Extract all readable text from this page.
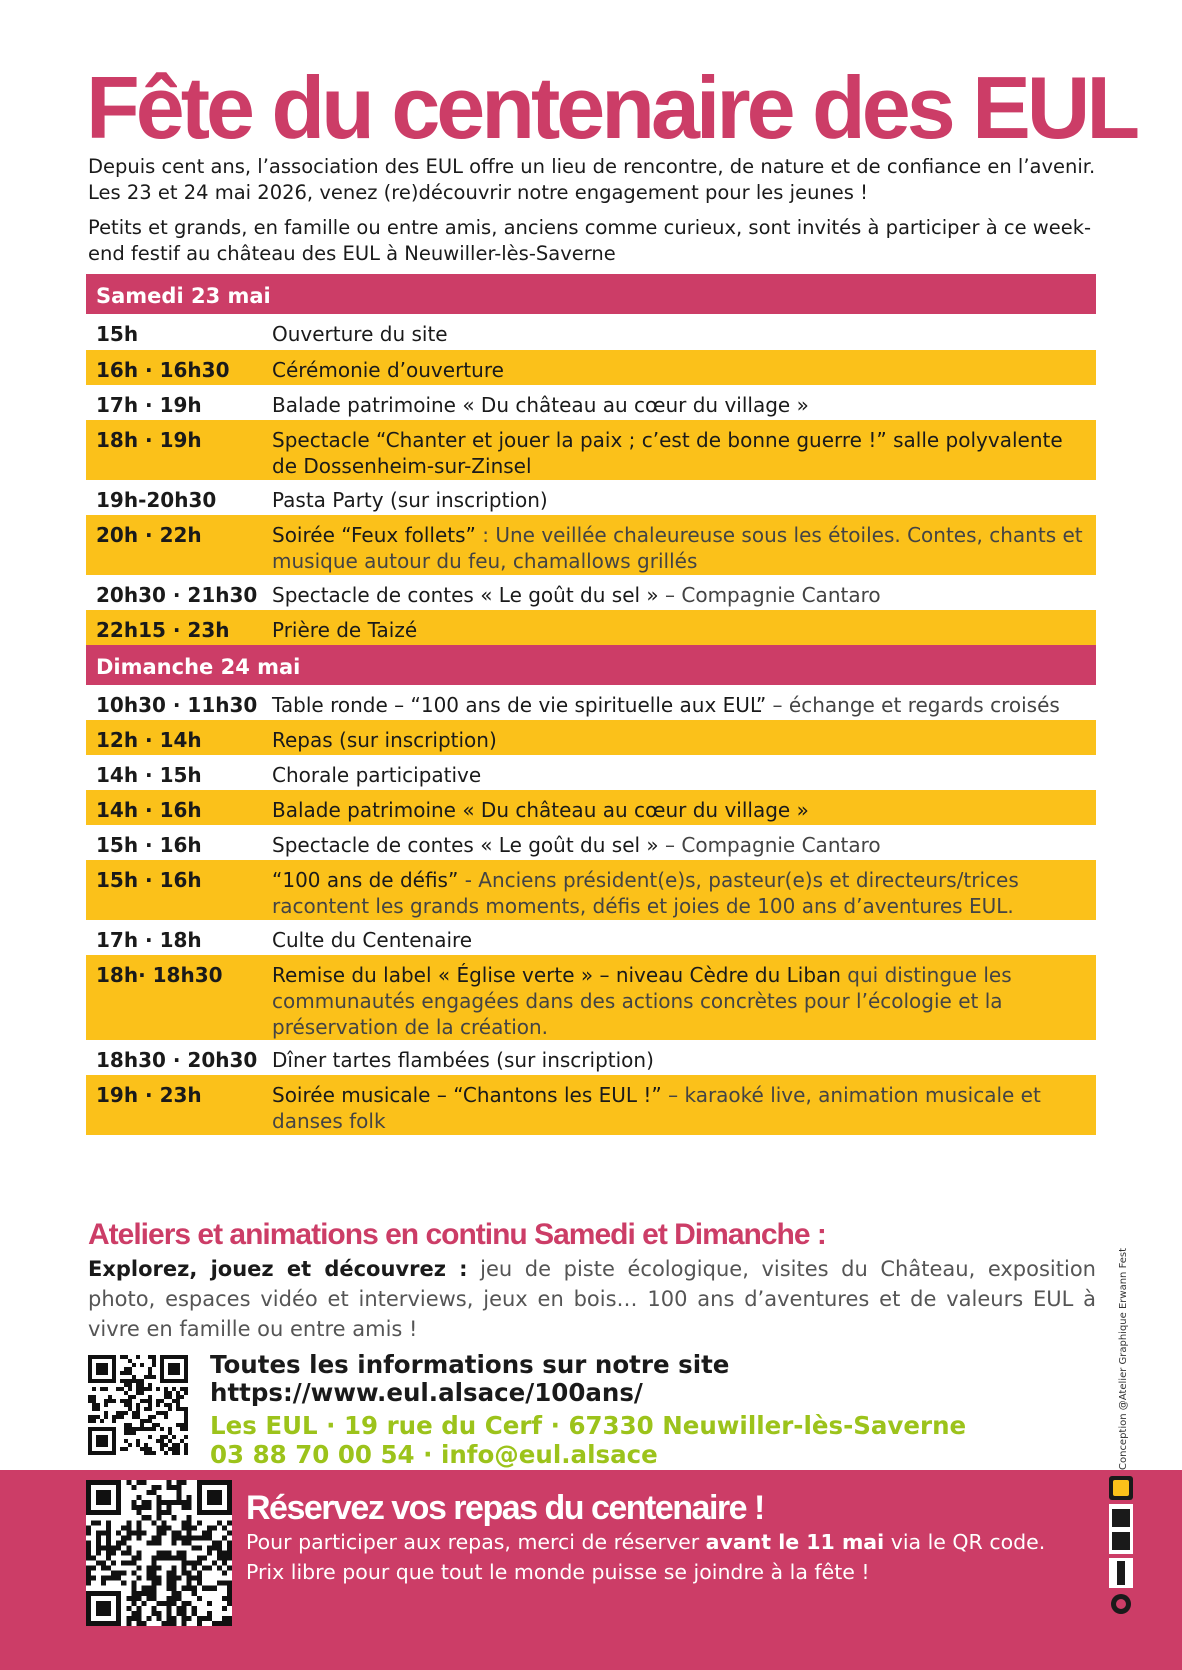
Fête du centenaire des EUL

Depuis cent ans, l’association des EUL offre un lieu de rencontre, de nature et de confiance en l’avenir. Les 23 et 24 mai 2026, venez (re)découvrir notre engagement pour les jeunes !

Petits et grands, en famille ou entre amis, anciens comme curieux, sont invités à participer à ce week-end festif au château des EUL à Neuwiller-lès-Saverne

Samedi 23 mai
15h	Ouverture du site
16h · 16h30	Cérémonie d’ouverture
17h · 19h	Balade patrimoine « Du château au cœur du village »
18h · 19h	Spectacle “Chanter et jouer la paix ; c’est de bonne guerre !” salle polyvalente de Dossenheim-sur-Zinsel
19h-20h30	Pasta Party (sur inscription)
20h · 22h	Soirée “Feux follets” : Une veillée chaleureuse sous les étoiles. Contes, chants et musique autour du feu, chamallows grillés
20h30 · 21h30 Spectacle de contes « Le goût du sel » – Compagnie Cantaro
22h15 · 23h	Prière de Taizé
Dimanche 24 mai
10h30 · 11h30 Table ronde – “100 ans de vie spirituelle aux EUL” – échange et regards croisés
12h · 14h	Repas (sur inscription)
14h · 15h	Chorale participative
14h · 16h	Balade patrimoine « Du château au cœur du village »
15h · 16h	Spectacle de contes « Le goût du sel » – Compagnie Cantaro
15h · 16h	“100 ans de défis” - Anciens président(e)s, pasteur(e)s et directeurs/trices racontent les grands moments, défis et joies de 100 ans d’aventures EUL.
17h · 18h	Culte du Centenaire
18h· 18h30	Remise du label « Église verte » – niveau Cèdre du Liban qui distingue les communautés engagées dans des actions concrètes pour l’écologie et la préservation de la création.
18h30 · 20h30 Dîner tartes flambées (sur inscription)
19h · 23h	Soirée musicale – “Chantons les EUL !” – karaoké live, animation musicale et danses folk
Ateliers et animations en continu Samedi et Dimanche :

Explorez, jouez et découvrez : jeu de piste écologique, visites du Château, exposition photo, espaces vidéo et interviews, jeux en bois… 100 ans d’aventures et de valeurs EUL à vivre en famille ou entre amis !

Toutes les informations sur notre site
https://www.eul.alsace/100ans/
Les EUL · 19 rue du Cerf · 67330 Neuwiller-lès-Saverne
03 88 70 00 54 · info@eul.alsace	Conception @Atelier Graphique Erwann Fest
Réservez vos repas du centenaire !

Pour participer aux repas, merci de réserver avant le 11 mai via le QR code.

Prix libre pour que tout le monde puisse se joindre à la fête !
